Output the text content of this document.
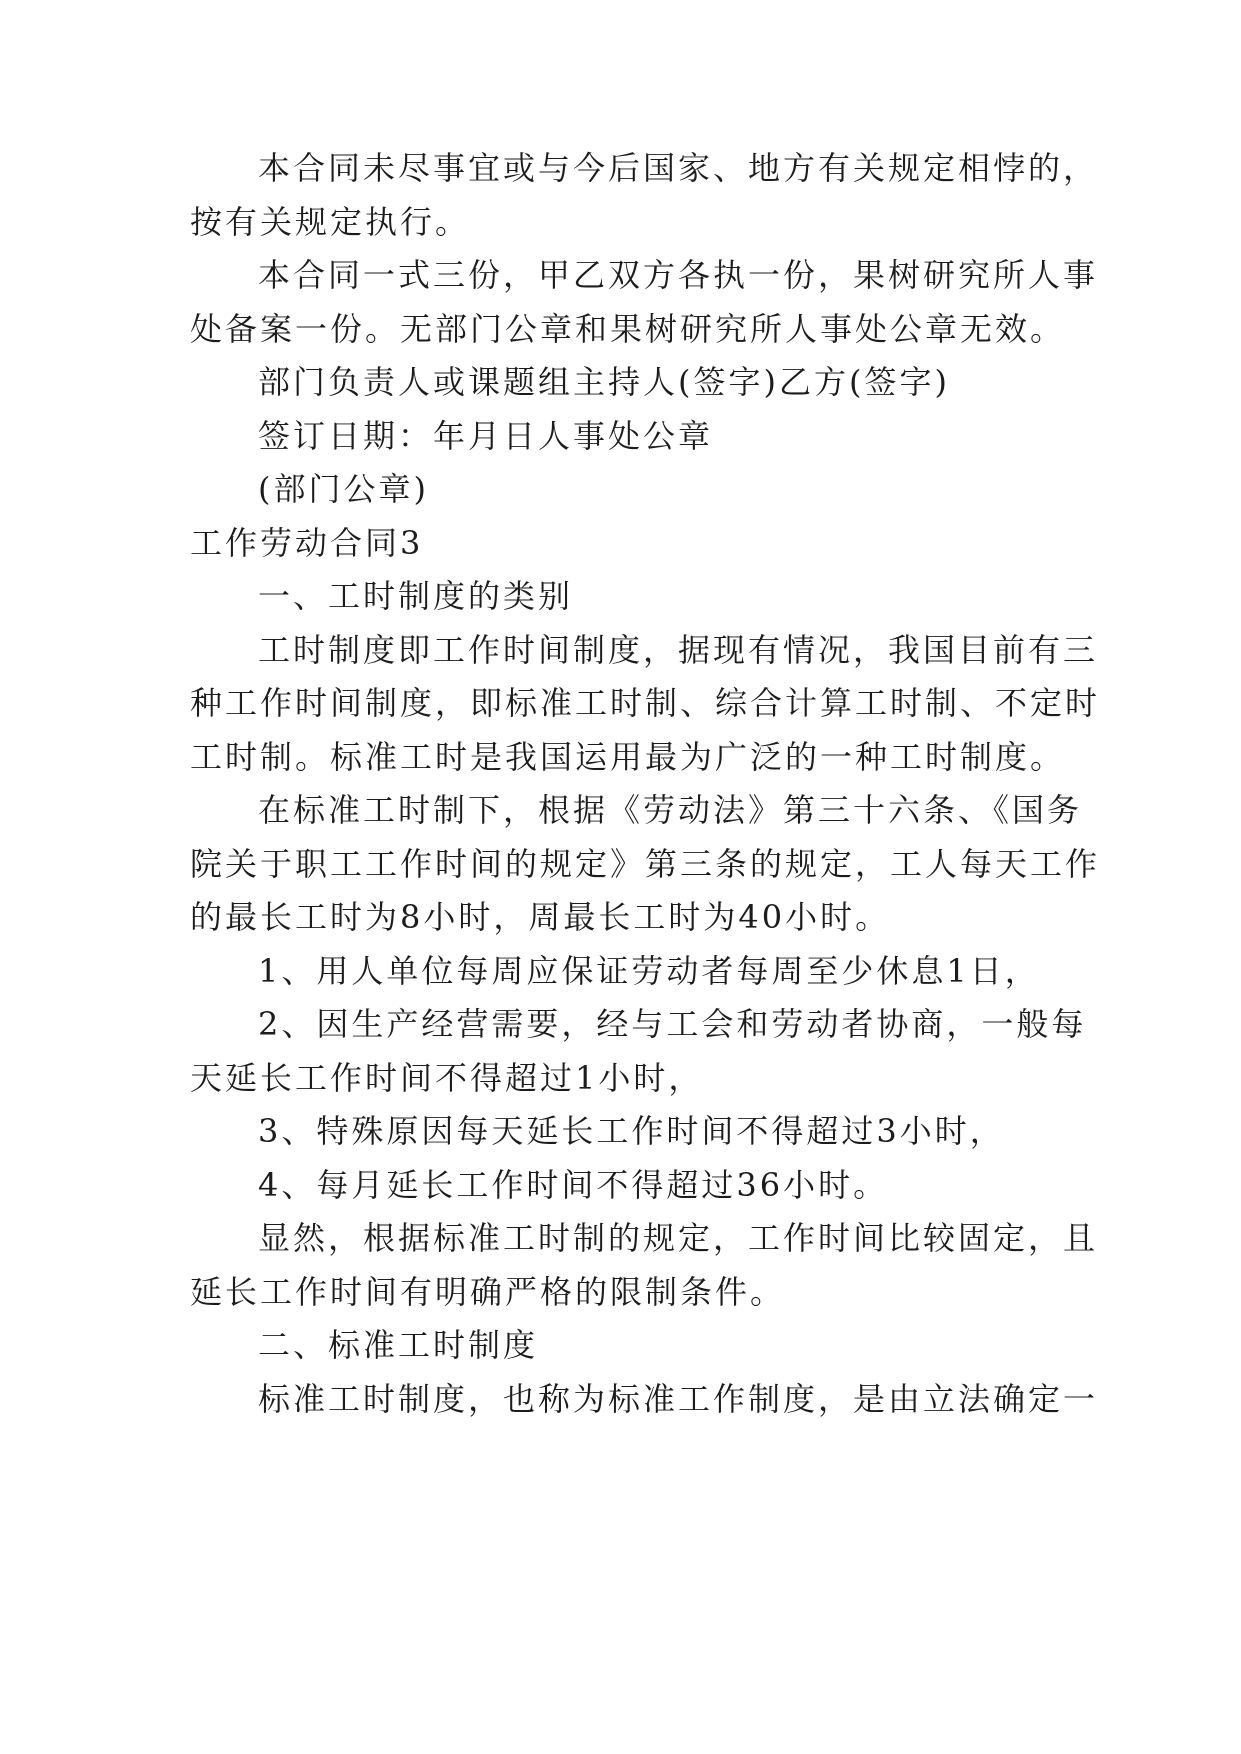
本合同未尽事宜或与今后国家、地方有关规定相悖的，
按有关规定执行。
本合同一式三份，甲乙双方各执一份，果树研究所人事
处备案一份。无部门公章和果树研究所人事处公章无效。
部门负责人或课题组主持人(签字)乙方(签字)
签订日期：年月日人事处公章
(部门公章)
工作劳动合同3
一、工时制度的类别
工时制度即工作时间制度，据现有情况，我国目前有三
种工作时间制度，即标准工时制、综合计算工时制、不定时
工时制。标准工时是我国运用最为广泛的一种工时制度。
在标准工时制下，根据《劳动法》第三十六条、《国务
院关于职工工作时间的规定》第三条的规定，工人每天工作
的最长工时为8小时，周最长工时为40小时。
1、用人单位每周应保证劳动者每周至少休息1日，
2、因生产经营需要，经与工会和劳动者协商，一般每
天延长工作时间不得超过1小时，
3、特殊原因每天延长工作时间不得超过3小时，
4、每月延长工作时间不得超过36小时。
显然，根据标准工时制的规定，工作时间比较固定，且
延长工作时间有明确严格的限制条件。
二、标准工时制度
标准工时制度，也称为标准工作制度，是由立法确定一
